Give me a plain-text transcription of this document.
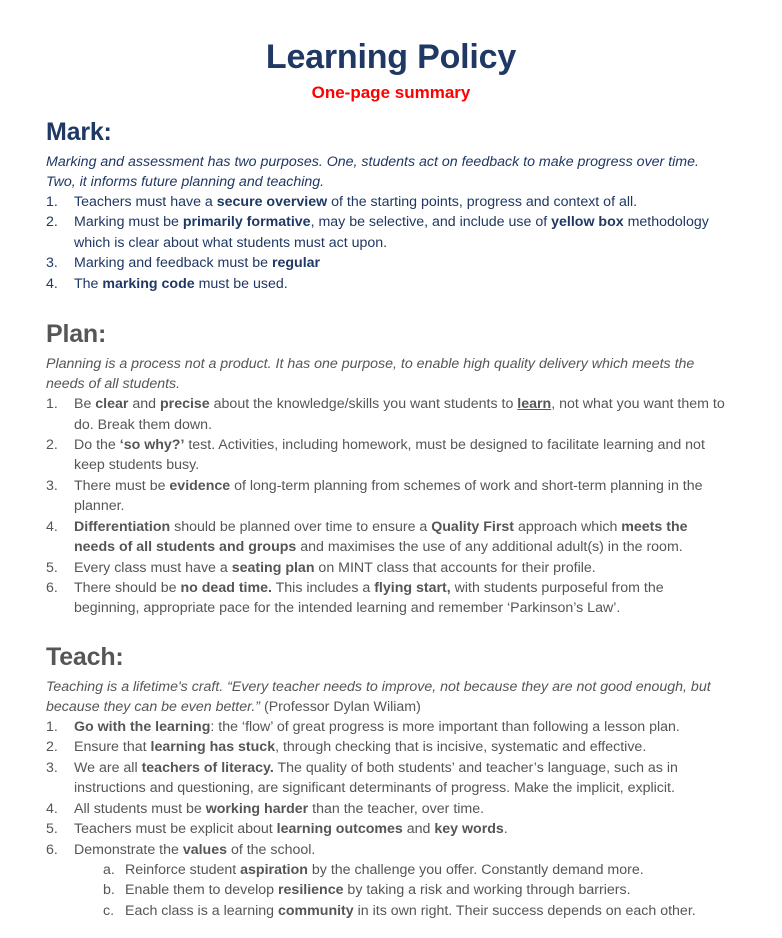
Learning Policy
One-page summary
Mark:

Marking and assessment has two purposes. One, students act on feedback to make progress over time. Two, it informs future planning and teaching.

1.	Teachers must have a secure overview of the starting points, progress and context of all.
2.	Marking must be primarily formative, may be selective, and include use of yellow box methodology which is clear about what students must act upon.
3.	Marking and feedback must be regular
4.	The marking code must be used.
Plan:

Planning is a process not a product. It has one purpose, to enable high quality delivery which meets the needs of all students.

1.	Be clear and precise about the knowledge/skills you want students to learn, not what you want them to do. Break them down.
2.	Do the ‘so why?’ test. Activities, including homework, must be designed to facilitate learning and not keep students busy.
3.	There must be evidence of long-term planning from schemes of work and short-term planning in the planner.
4.	Differentiation should be planned over time to ensure a Quality First approach which meets the needs of all students and groups and maximises the use of any additional adult(s) in the room.
5.	Every class must have a seating plan on MINT class that accounts for their profile.
6.	There should be no dead time. This includes a flying start, with students purposeful from the beginning, appropriate pace for the intended learning and remember ‘Parkinson’s Law’.
Teach:

Teaching is a lifetime's craft. “Every teacher needs to improve, not because they are not good enough, but because they can be even better.” (Professor Dylan Wiliam)

1.	Go with the learning: the ‘flow’ of great progress is more important than following a lesson plan.
2.	Ensure that learning has stuck, through checking that is incisive, systematic and effective.
3.	We are all teachers of literacy. The quality of both students’ and teacher’s language, such as in instructions and questioning, are significant determinants of progress. Make the implicit, explicit.
4.	All students must be working harder than the teacher, over time.
5.	Teachers must be explicit about learning outcomes and key words.
6.	Demonstrate the values of the school.
a. Reinforce student aspiration by the challenge you offer. Constantly demand more.
b. Enable them to develop resilience by taking a risk and working through barriers.
c. Each class is a learning community in its own right. Their success depends on each other.
